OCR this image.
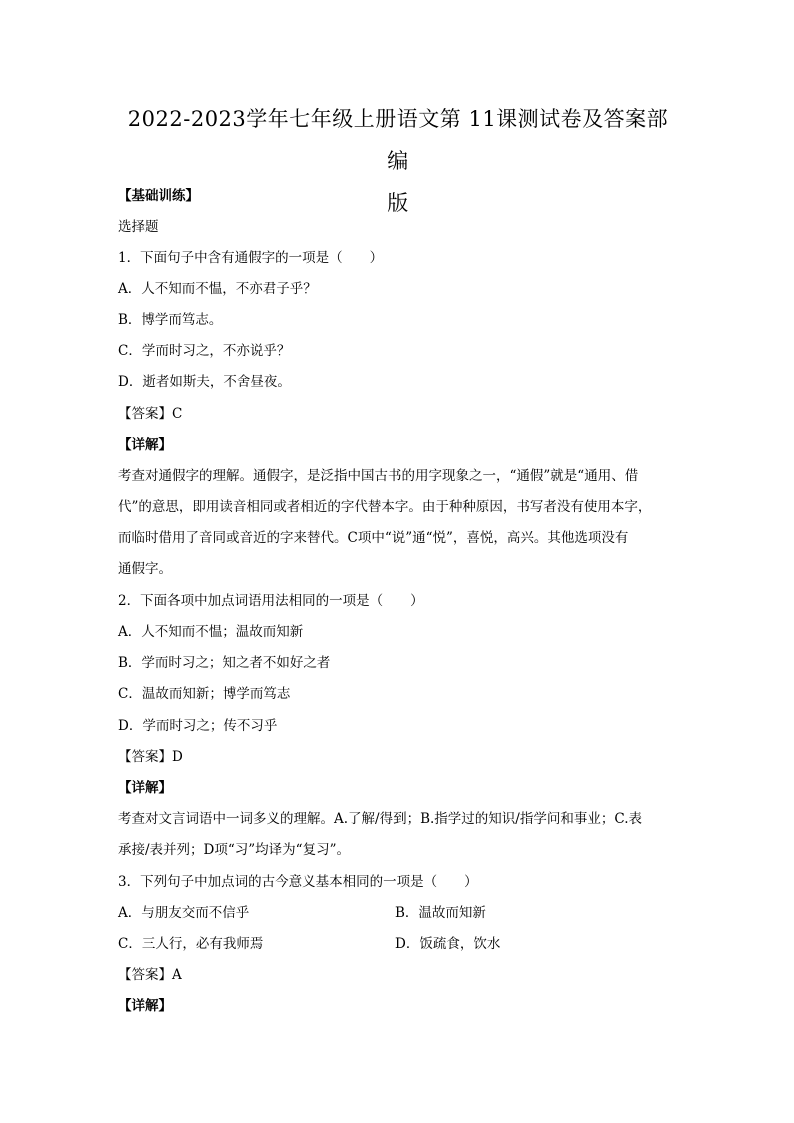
2022-2023学年七年级上册语文第 11课测试卷及答案部编
版
【基础训练】
选择题
1．下面句子中含有通假字的一项是（　　）
A．人不知而不愠，不亦君子乎？
B．博学而笃志。
C．学而时习之，不亦说乎？
D．逝者如斯夫，不舍昼夜。
【答案】C
【详解】
考查对通假字的理解。通假字，是泛指中国古书的用字现象之一，“通假”就是“通用、借
代”的意思，即用读音相同或者相近的字代替本字。由于种种原因，书写者没有使用本字，
而临时借用了音同或音近的字来替代。C项中“说”通“悦”，喜悦，高兴。其他选项没有
通假字。
2．下面各项中加点词语用法相同的一项是（　　）
A．人不知而不愠；温故而知新
B．学而时习之；知之者不如好之者
C．温故而知新；博学而笃志
D．学而时习之；传不习乎
【答案】D
【详解】
考查对文言词语中一词多义的理解。A.了解/得到；B.指学过的知识/指学问和事业；C.表
承接/表并列；D项“习”均译为“复习”。
3．下列句子中加点词的古今意义基本相同的一项是（　　）
A．与朋友交而不信乎	B．温故而知新
C．三人行，必有我师焉	D．饭疏食，饮水
【答案】A
【详解】
